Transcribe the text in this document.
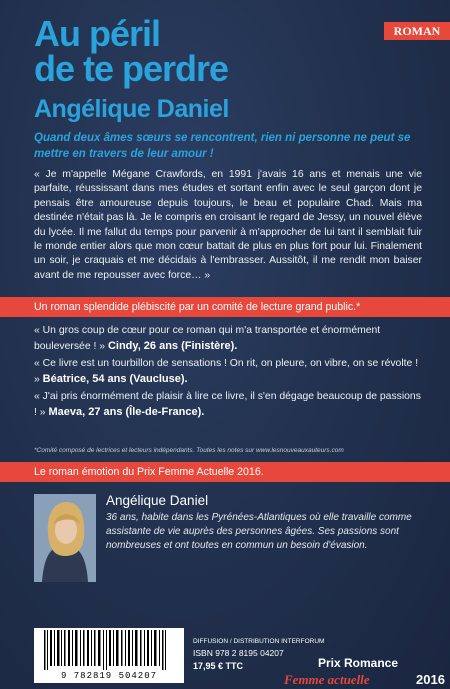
ROMAN
Au péril
de te perdre
Angélique Daniel
Quand deux âmes sœurs se rencontrent, rien ni personne ne peut se mettre en travers de leur amour !
« Je m'appelle Mégane Crawfords, en 1991 j'avais 16 ans et menais une vie parfaite, réussissant dans mes études et sortant enfin avec le seul garçon dont je pensais être amoureuse depuis toujours, le beau et populaire Chad. Mais ma destinée n'était pas là. Je le compris en croisant le regard de Jessy, un nouvel élève du lycée. Il me fallut du temps pour parvenir à m'approcher de lui tant il semblait fuir le monde entier alors que mon cœur battait de plus en plus fort pour lui. Finalement un soir, je craquais et me décidais à l'embrasser. Aussitôt, il me rendit mon baiser avant de me repousser avec force… »
Un roman splendide plébiscité par un comité de lecture grand public.*
« Un gros coup de cœur pour ce roman qui m'a transportée et énormément bouleversée ! » Cindy, 26 ans (Finistère).
« Ce livre est un tourbillon de sensations ! On rit, on pleure, on vibre, on se révolte ! » Béatrice, 54 ans (Vaucluse).
« J'ai pris énormément de plaisir à lire ce livre, il s'en dégage beaucoup de passions ! » Maeva, 27 ans (Île-de-France).
*Comité composé de lectrices et lecteurs indépendants. Toutes les notes sur www.lesnouveauxauteurs.com
Le roman émotion du Prix Femme Actuelle 2016.
Angélique Daniel
36 ans, habite dans les Pyrénées-Atlantiques où elle travaille comme assistante de vie auprès des personnes âgées. Ses passions sont nombreuses et ont toutes en commun un besoin d'évasion.
9 782819 504207
DIFFUSION / DISTRIBUTION INTERFORUM
ISBN 978 2 8195 04207
17,95 € TTC	Prix Romance
Femme actuelle	2016
